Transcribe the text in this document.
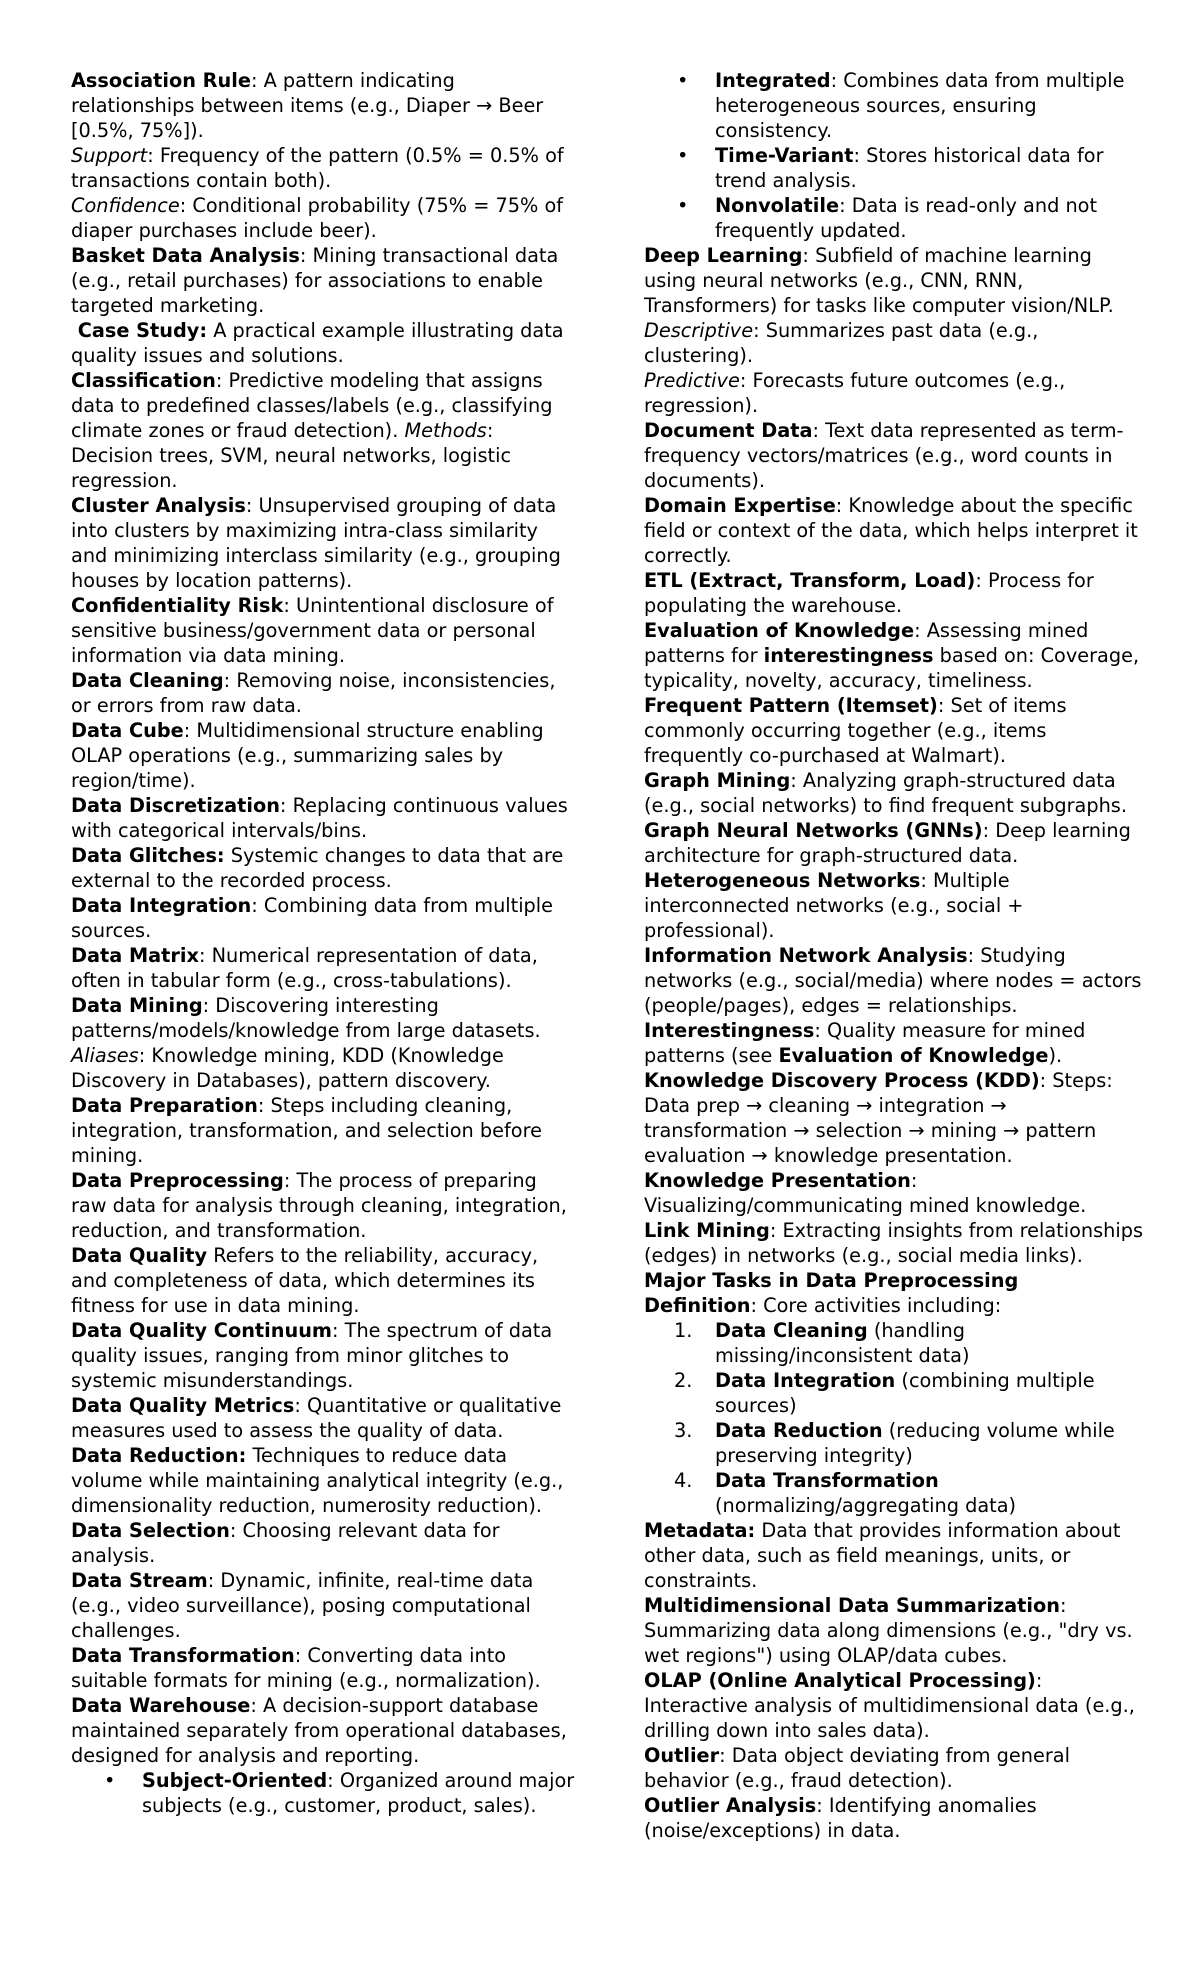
Association Rule: A pattern indicating relationships between items (e.g., Diaper → Beer [0.5%, 75%]).

Support: Frequency of the pattern (0.5% = 0.5% of transactions contain both).

Confidence: Conditional probability (75% = 75% of diaper purchases include beer).

Basket Data Analysis: Mining transactional data (e.g., retail purchases) for associations to enable targeted marketing.

Case Study: A practical example illustrating data quality issues and solutions.

Classification: Predictive modeling that assigns data to predefined classes/labels (e.g., classifying climate zones or fraud detection). Methods: Decision trees, SVM, neural networks, logistic regression.

Cluster Analysis: Unsupervised grouping of data into clusters by maximizing intra-class similarity and minimizing interclass similarity (e.g., grouping houses by location patterns).

Confidentiality Risk: Unintentional disclosure of sensitive business/government data or personal information via data mining.

Data Cleaning: Removing noise, inconsistencies, or errors from raw data.

Data Cube: Multidimensional structure enabling OLAP operations (e.g., summarizing sales by region/time).

Data Discretization: Replacing continuous values with categorical intervals/bins.

Data Glitches: Systemic changes to data that are external to the recorded process.

Data Integration: Combining data from multiple sources.

Data Matrix: Numerical representation of data, often in tabular form (e.g., cross-tabulations).

Data Mining: Discovering interesting patterns/models/knowledge from large datasets.

Aliases: Knowledge mining, KDD (Knowledge Discovery in Databases), pattern discovery.

Data Preparation: Steps including cleaning, integration, transformation, and selection before mining.

Data Preprocessing: The process of preparing raw data for analysis through cleaning, integration, reduction, and transformation.

Data Quality Refers to the reliability, accuracy, and completeness of data, which determines its fitness for use in data mining.

Data Quality Continuum: The spectrum of data quality issues, ranging from minor glitches to systemic misunderstandings.

Data Quality Metrics: Quantitative or qualitative measures used to assess the quality of data.

Data Reduction: Techniques to reduce data volume while maintaining analytical integrity (e.g., dimensionality reduction, numerosity reduction).

Data Selection: Choosing relevant data for analysis.

Data Stream: Dynamic, infinite, real-time data (e.g., video surveillance), posing computational challenges.

Data Transformation: Converting data into suitable formats for mining (e.g., normalization).

Data Warehouse: A decision-support database maintained separately from operational databases, designed for analysis and reporting.

• Subject-Oriented: Organized around major subjects (e.g., customer, product, sales).
• Integrated: Combines data from multiple heterogeneous sources, ensuring consistency.
• Time-Variant: Stores historical data for trend analysis.
• Nonvolatile: Data is read-only and not frequently updated.

Deep Learning: Subfield of machine learning using neural networks (e.g., CNN, RNN, Transformers) for tasks like computer vision/NLP.

Descriptive: Summarizes past data (e.g., clustering).

Predictive: Forecasts future outcomes (e.g., regression).

Document Data: Text data represented as term-frequency vectors/matrices (e.g., word counts in documents).

Domain Expertise: Knowledge about the specific field or context of the data, which helps interpret it correctly.

ETL (Extract, Transform, Load): Process for populating the warehouse.

Evaluation of Knowledge: Assessing mined patterns for interestingness based on: Coverage, typicality, novelty, accuracy, timeliness.

Frequent Pattern (Itemset): Set of items commonly occurring together (e.g., items frequently co-purchased at Walmart).

Graph Mining: Analyzing graph-structured data (e.g., social networks) to find frequent subgraphs.

Graph Neural Networks (GNNs): Deep learning architecture for graph-structured data.

Heterogeneous Networks: Multiple interconnected networks (e.g., social + professional).

Information Network Analysis: Studying networks (e.g., social/media) where nodes = actors (people/pages), edges = relationships.

Interestingness: Quality measure for mined patterns (see Evaluation of Knowledge).

Knowledge Discovery Process (KDD): Steps: Data prep → cleaning → integration → transformation → selection → mining → pattern evaluation → knowledge presentation.

Knowledge Presentation: Visualizing/communicating mined knowledge.

Link Mining: Extracting insights from relationships (edges) in networks (e.g., social media links).

Major Tasks in Data Preprocessing

Definition: Core activities including:

1. Data Cleaning (handling missing/inconsistent data)
2. Data Integration (combining multiple sources)
3. Data Reduction (reducing volume while preserving integrity)
4. Data Transformation (normalizing/aggregating data)

Metadata: Data that provides information about other data, such as field meanings, units, or constraints.

Multidimensional Data Summarization: Summarizing data along dimensions (e.g., "dry vs. wet regions") using OLAP/data cubes.

OLAP (Online Analytical Processing): Interactive analysis of multidimensional data (e.g., drilling down into sales data).

Outlier: Data object deviating from general behavior (e.g., fraud detection).

Outlier Analysis: Identifying anomalies (noise/exceptions) in data.
